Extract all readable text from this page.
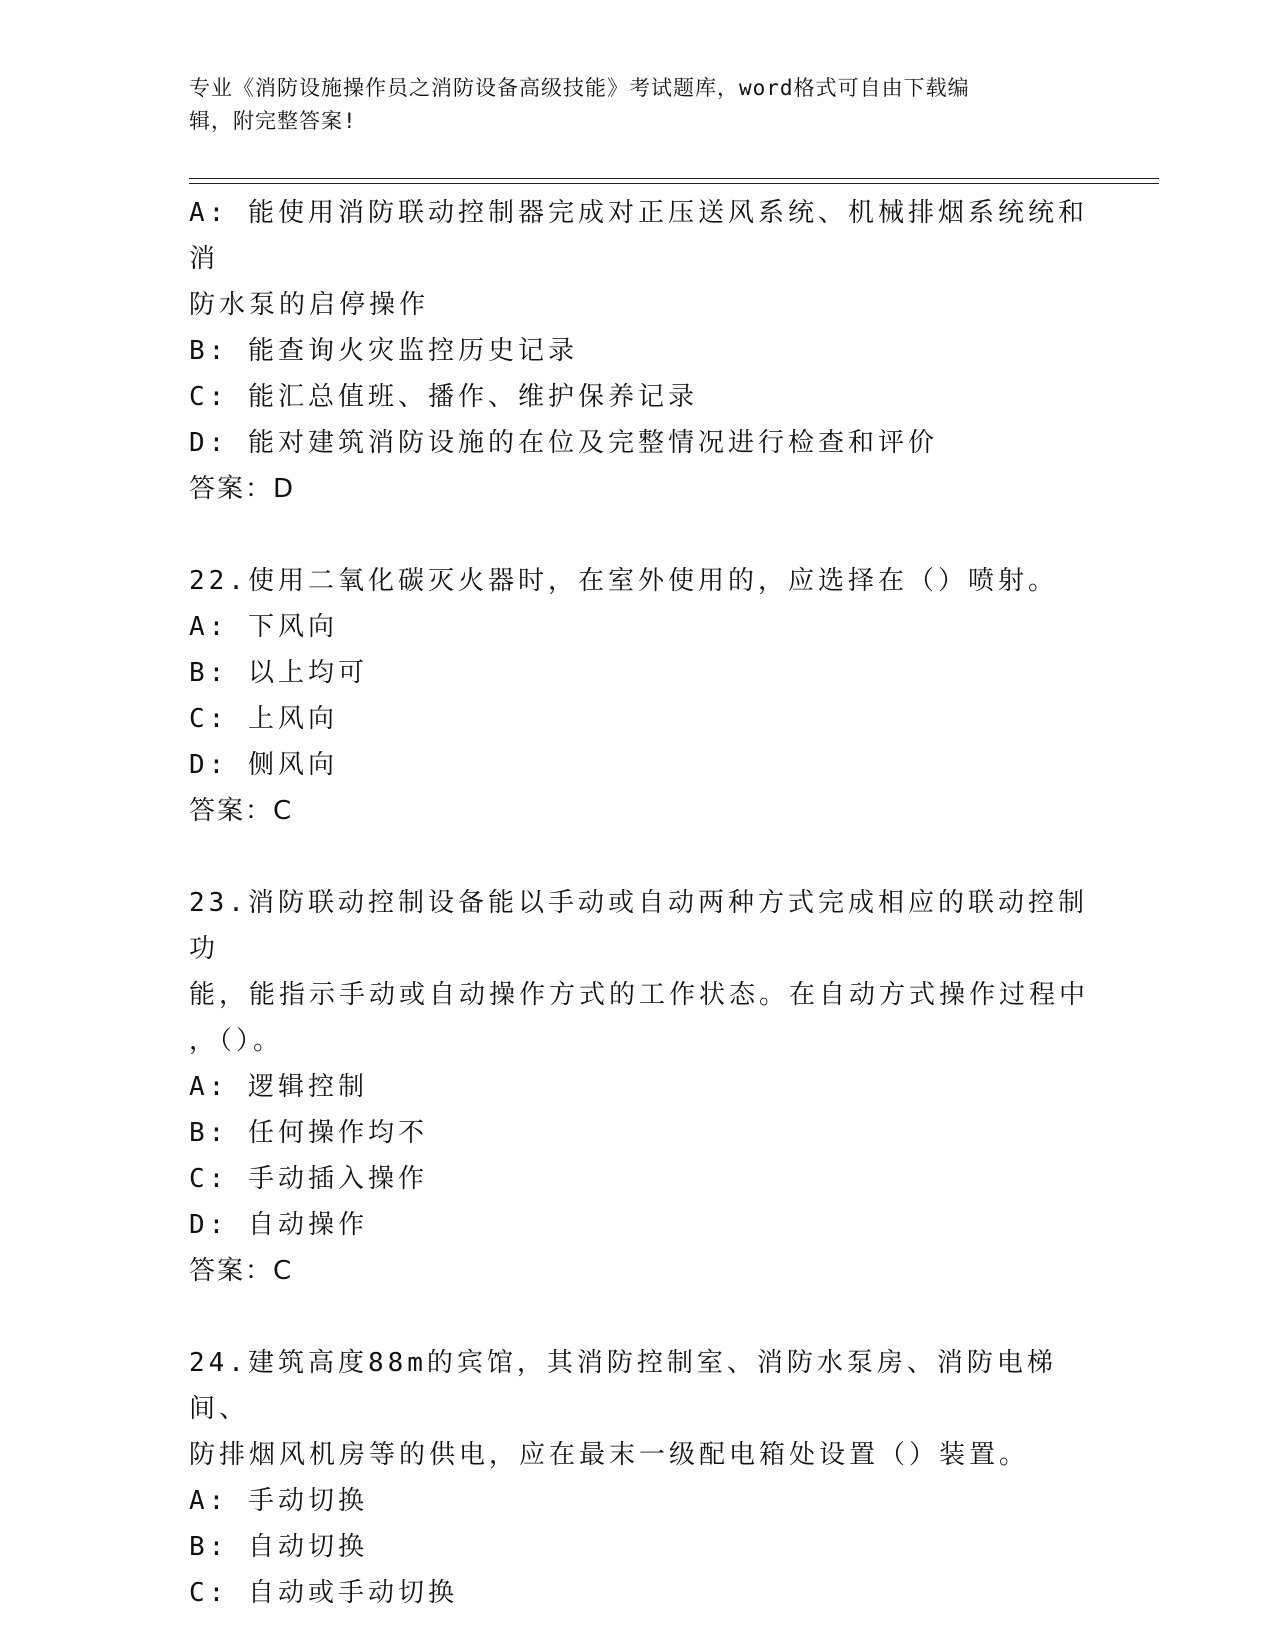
专业《消防设施操作员之消防设备高级技能》考试题库，word格式可自由下载编
辑，附完整答案!
A: 能使用消防联动控制器完成对正压送风系统、机械排烟系统统和消
防水泵的启停操作
B: 能查询火灾监控历史记录
C: 能汇总值班、播作、维护保养记录
D: 能对建筑消防设施的在位及完整情况进行检查和评价
答案：D
22.使用二氧化碳灭火器时，在室外使用的，应选择在（）喷射。
A: 下风向
B: 以上均可
C: 上风向
D: 侧风向
答案：C
23.消防联动控制设备能以手动或自动两种方式完成相应的联动控制功
能，能指示手动或自动操作方式的工作状态。在自动方式操作过程中
，（）。
A: 逻辑控制
B: 任何操作均不
C: 手动插入操作
D: 自动操作
答案：C
24.建筑高度88m的宾馆，其消防控制室、消防水泵房、消防电梯间、
防排烟风机房等的供电，应在最末一级配电箱处设置（）装置。
A: 手动切换
B: 自动切换
C: 自动或手动切换
